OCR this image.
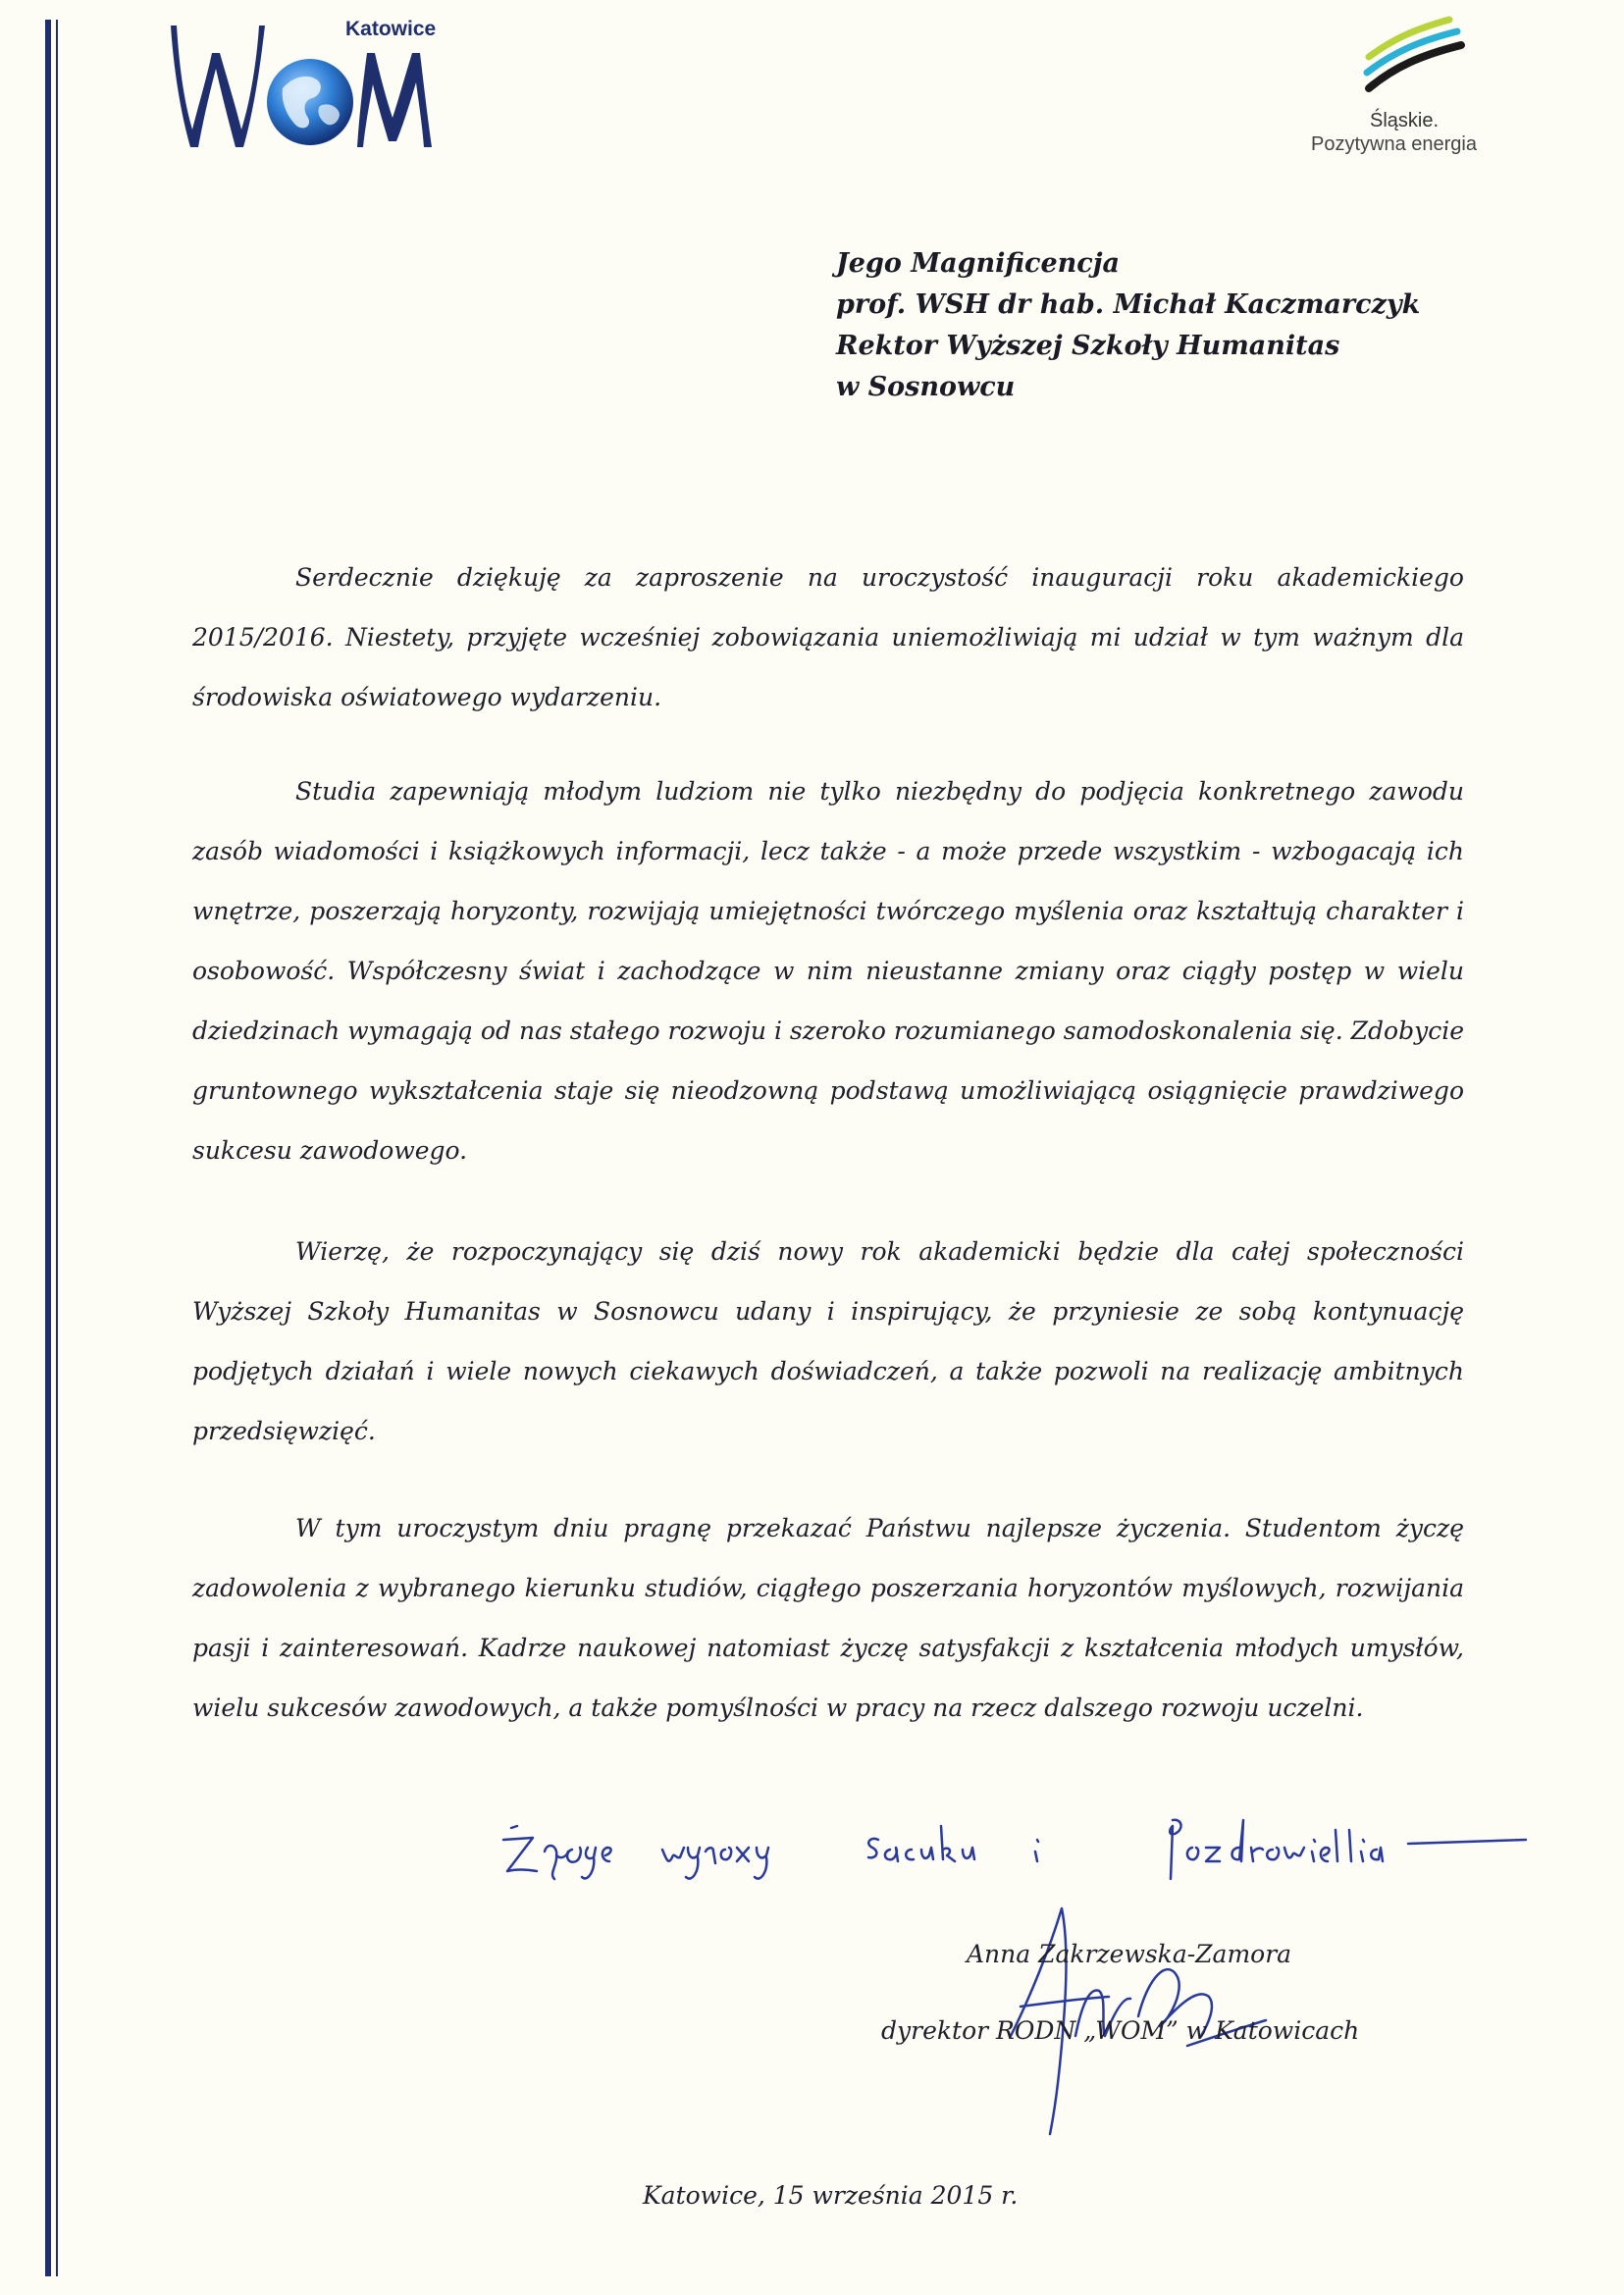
Katowice
Śląskie.
Pozytywna energia
Jego Magnificencja
prof. WSH dr hab. Michał Kaczmarczyk
Rektor Wyższej Szkoły Humanitas
w Sosnowcu

Serdecznie dziękuję za zaproszenie na uroczystość inauguracji roku akademickiego 2015/2016. Niestety, przyjęte wcześniej zobowiązania uniemożliwiają mi udział w tym ważnym dla środowiska oświatowego wydarzeniu.

Studia zapewniają młodym ludziom nie tylko niezbędny do podjęcia konkretnego zawodu zasób wiadomości i książkowych informacji, lecz także - a może przede wszystkim - wzbogacają ich wnętrze, poszerzają horyzonty, rozwijają umiejętności twórczego myślenia oraz kształtują charakter i osobowość. Współczesny świat i zachodzące w nim nieustanne zmiany oraz ciągły postęp w wielu dziedzinach wymagają od nas stałego rozwoju i szeroko rozumianego samodoskonalenia się. Zdobycie gruntownego wykształcenia staje się nieodzowną podstawą umożliwiającą osiągnięcie prawdziwego sukcesu zawodowego.

Wierzę, że rozpoczynający się dziś nowy rok akademicki będzie dla całej społeczności Wyższej Szkoły Humanitas w Sosnowcu udany i inspirujący, że przyniesie ze sobą kontynuację podjętych działań i wiele nowych ciekawych doświadczeń, a także pozwoli na realizację ambitnych przedsięwzięć.

W tym uroczystym dniu pragnę przekazać Państwu najlepsze życzenia. Studentom życzę zadowolenia z wybranego kierunku studiów, ciągłego poszerzania horyzontów myślowych, rozwijania pasji i zainteresowań. Kadrze naukowej natomiast życzę satysfakcji z kształcenia młodych umysłów, wielu sukcesów zawodowych, a także pomyślności w pracy na rzecz dalszego rozwoju uczelni.

Anna Zakrzewska-Zamora
dyrektor RODN „WOM” w Katowicach
Katowice, 15 września 2015 r.
